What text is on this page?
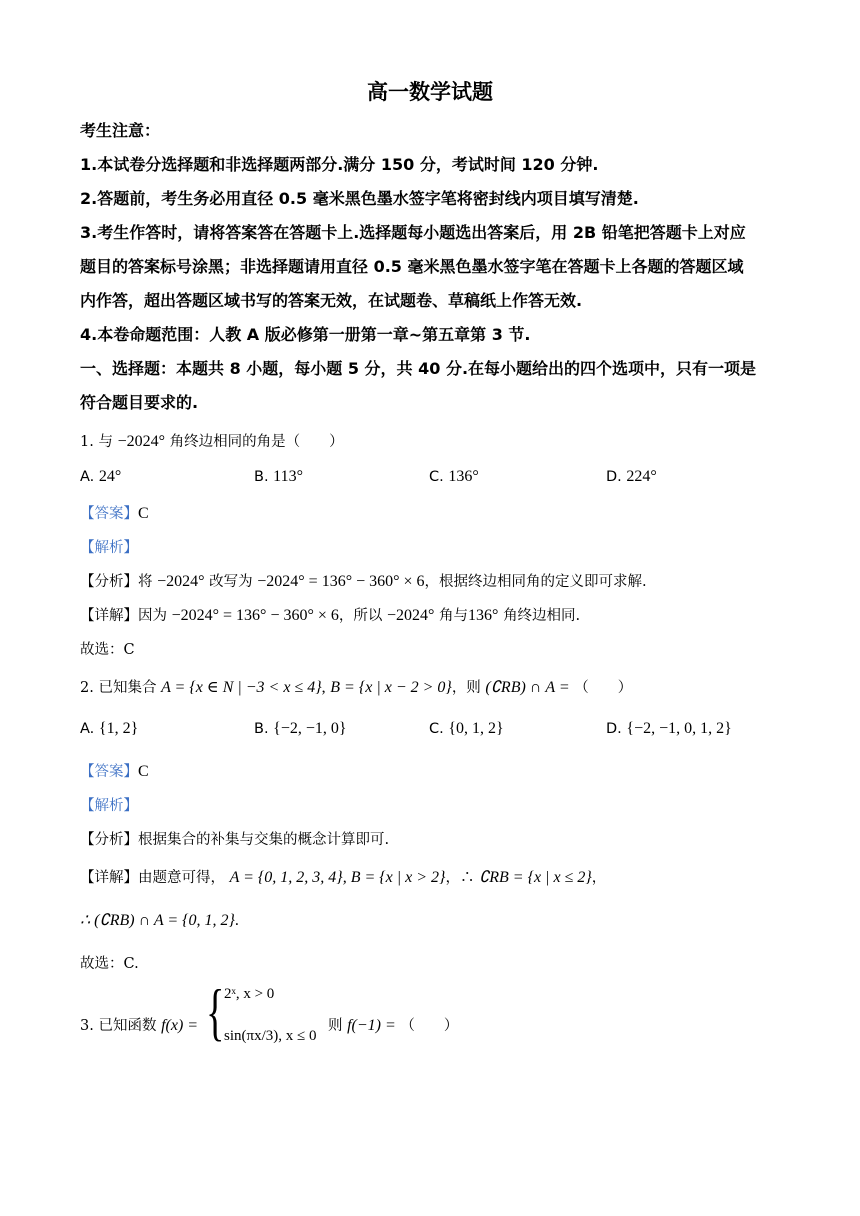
高一数学试题
考生注意：
1.本试卷分选择题和非选择题两部分.满分 150 分，考试时间 120 分钟.
2.答题前，考生务必用直径 0.5 毫米黑色墨水签字笔将密封线内项目填写清楚.
3.考生作答时，请将答案答在答题卡上.选择题每小题选出答案后，用 2B 铅笔把答题卡上对应
题目的答案标号涂黑；非选择题请用直径 0.5 毫米黑色墨水签字笔在答题卡上各题的答题区域
内作答，超出答题区域书写的答案无效，在试题卷、草稿纸上作答无效.
4.本卷命题范围：人教 A 版必修第一册第一章~第五章第 3 节.
一、选择题：本题共 8 小题，每小题 5 分，共 40 分.在每小题给出的四个选项中，只有一项是
符合题目要求的.
1. 与 −2024° 角终边相同的角是（　　）
A. 24°	B. 113°	C. 136°	D. 224°
【答案】C
【解析】
【分析】将 −2024° 改写为 −2024° = 136° − 360° × 6，根据终边相同角的定义即可求解.
【详解】因为 −2024° = 136° − 360° × 6，所以 −2024° 角与136° 角终边相同.
故选：C
2. 已知集合 A = {x ∈ N | −3 < x ≤ 4}, B = {x | x − 2 > 0}，则 (∁RB) ∩ A = （　　）
A. {1, 2}	B. {−2, −1, 0}	C. {0, 1, 2}	D. {−2, −1, 0, 1, 2}
【答案】C
【解析】
【分析】根据集合的补集与交集的概念计算即可.
【详解】由题意可得， A = {0, 1, 2, 3, 4}, B = {x | x > 2}，∴ ∁RB = {x | x ≤ 2}，
∴ (∁RB) ∩ A = {0, 1, 2}.
故选：C.
3. 已知函数 f(x) = { 2ˣ, x > 0
sin(πx/3), x ≤ 0
则 f(−1) = （　　）
